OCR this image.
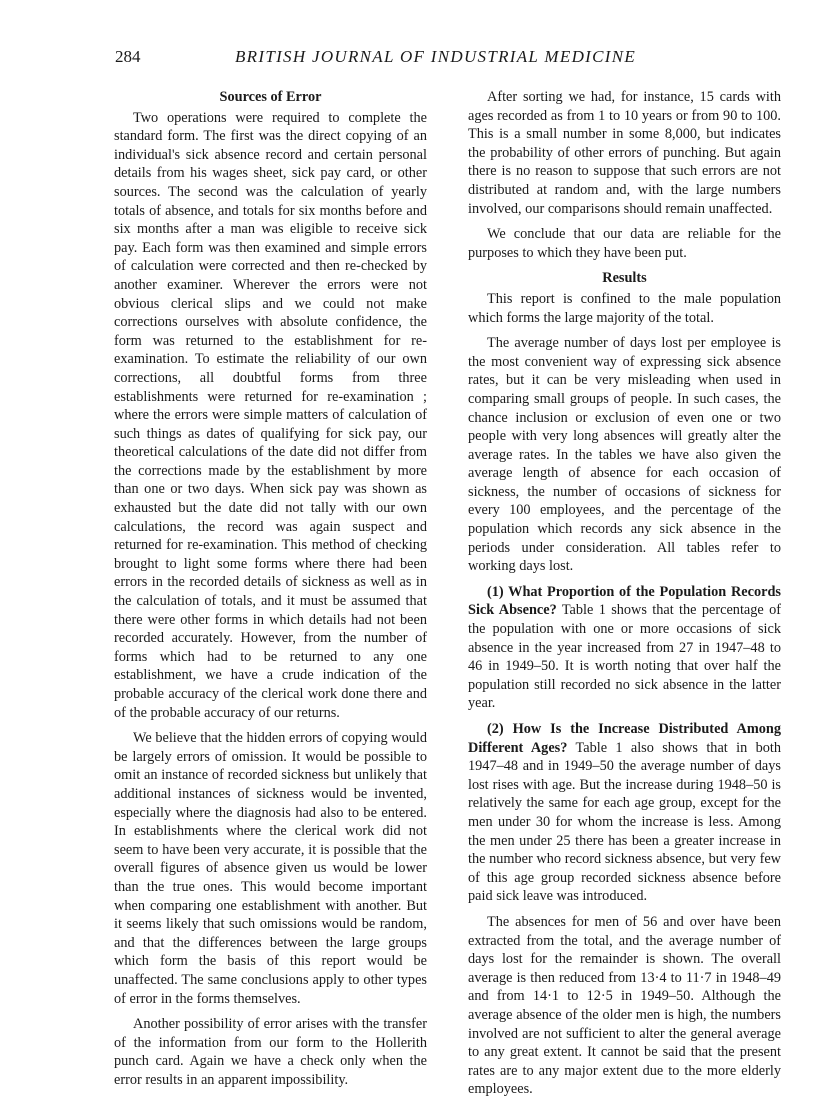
284	BRITISH JOURNAL OF INDUSTRIAL MEDICINE
Sources of Error

Two operations were required to complete the standard form. The first was the direct copying of an individual's sick absence record and certain personal details from his wages sheet, sick pay card, or other sources. The second was the calculation of yearly totals of absence, and totals for six months before and six months after a man was eligible to receive sick pay. Each form was then examined and simple errors of calculation were corrected and then re-checked by another examiner. Wherever the errors were not obvious clerical slips and we could not make corrections ourselves with absolute confidence, the form was returned to the establishment for re-examination. To estimate the reliability of our own corrections, all doubtful forms from three establishments were returned for re-examination ; where the errors were simple matters of calculation of such things as dates of qualifying for sick pay, our theoretical calculations of the date did not differ from the corrections made by the establishment by more than one or two days. When sick pay was shown as exhausted but the date did not tally with our own calculations, the record was again suspect and returned for re-examination. This method of checking brought to light some forms where there had been errors in the recorded details of sickness as well as in the calculation of totals, and it must be assumed that there were other forms in which details had not been recorded accurately. However, from the number of forms which had to be returned to any one establishment, we have a crude indication of the probable accuracy of the clerical work done there and of the probable accuracy of our returns.

We believe that the hidden errors of copying would be largely errors of omission. It would be possible to omit an instance of recorded sickness but unlikely that additional instances of sickness would be invented, especially where the diagnosis had also to be entered. In establishments where the clerical work did not seem to have been very accurate, it is possible that the overall figures of absence given us would be lower than the true ones. This would become important when comparing one establishment with another. But it seems likely that such omissions would be random, and that the differences between the large groups which form the basis of this report would be unaffected. The same conclusions apply to other types of error in the forms themselves.

Another possibility of error arises with the transfer of the information from our form to the Hollerith punch card. Again we have a check only when the error results in an apparent impossibility.

After sorting we had, for instance, 15 cards with ages recorded as from 1 to 10 years or from 90 to 100. This is a small number in some 8,000, but indicates the probability of other errors of punching. But again there is no reason to suppose that such errors are not distributed at random and, with the large numbers involved, our comparisons should remain unaffected.

We conclude that our data are reliable for the purposes to which they have been put.

Results

This report is confined to the male population which forms the large majority of the total.

The average number of days lost per employee is the most convenient way of expressing sick absence rates, but it can be very misleading when used in comparing small groups of people. In such cases, the chance inclusion or exclusion of even one or two people with very long absences will greatly alter the average rates. In the tables we have also given the average length of absence for each occasion of sickness, the number of occasions of sickness for every 100 employees, and the percentage of the population which records any sick absence in the periods under consideration. All tables refer to working days lost.

(1) What Proportion of the Population Records Sick Absence? Table 1 shows that the percentage of the population with one or more occasions of sick absence in the year increased from 27 in 1947–48 to 46 in 1949–50. It is worth noting that over half the population still recorded no sick absence in the latter year.

(2) How Is the Increase Distributed Among Different Ages? Table 1 also shows that in both 1947–48 and in 1949–50 the average number of days lost rises with age. But the increase during 1948–50 is relatively the same for each age group, except for the men under 30 for whom the increase is less. Among the men under 25 there has been a greater increase in the number who record sickness absence, but very few of this age group recorded sickness absence before paid sick leave was introduced.

The absences for men of 56 and over have been extracted from the total, and the average number of days lost for the remainder is shown. The overall average is then reduced from 13·4 to 11·7 in 1948–49 and from 14·1 to 12·5 in 1949–50. Although the average absence of the older men is high, the numbers involved are not sufficient to alter the general average to any great extent. It cannot be said that the present rates are to any major extent due to the more elderly employees.
